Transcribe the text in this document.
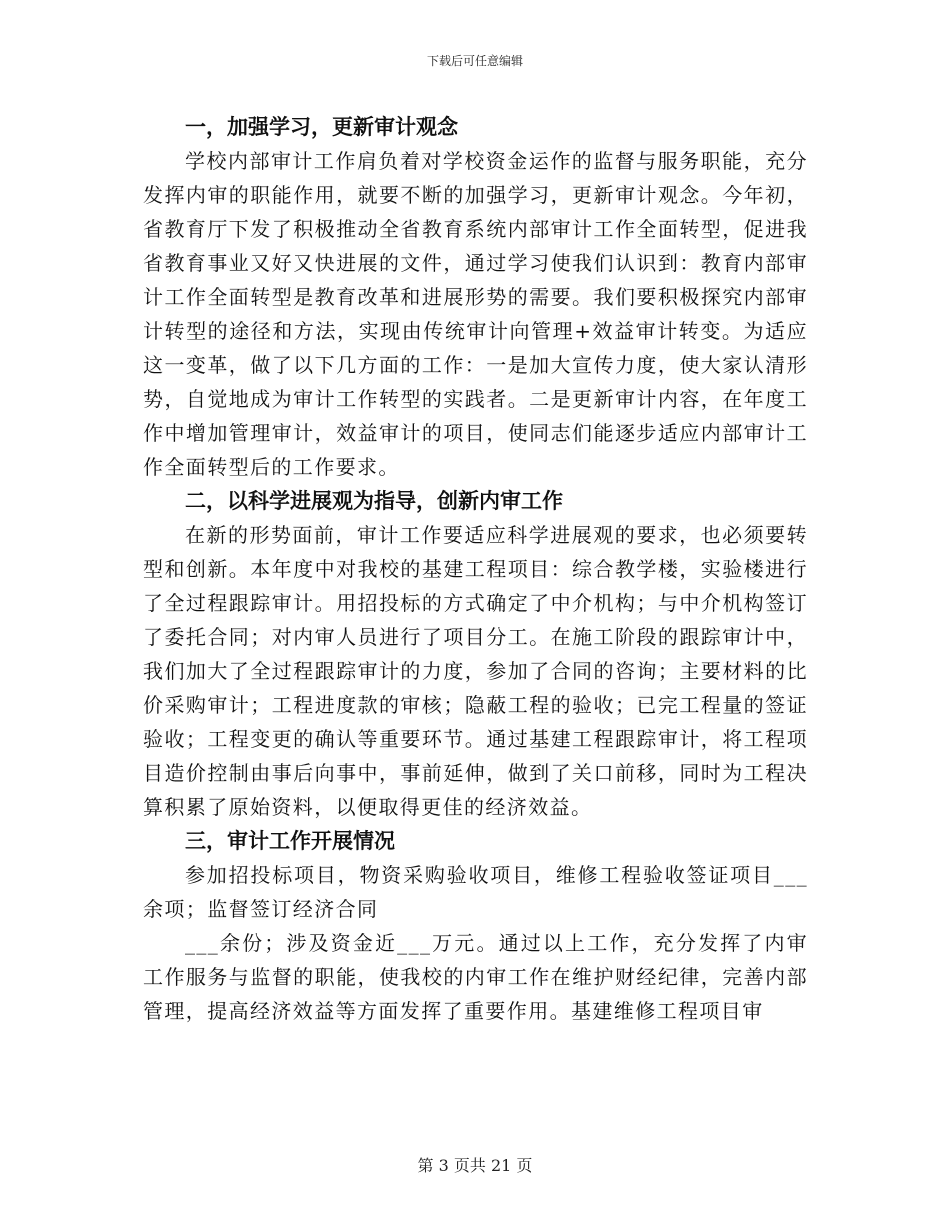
下载后可任意编辑
一，加强学习，更新审计观念

学校内部审计工作肩负着对学校资金运作的监督与服务职能，充分发挥内审的职能作用，就要不断的加强学习，更新审计观念。今年初，省教育厅下发了积极推动全省教育系统内部审计工作全面转型，促进我省教育事业又好又快进展的文件，通过学习使我们认识到：教育内部审计工作全面转型是教育改革和进展形势的需要。我们要积极探究内部审计转型的途径和方法，实现由传统审计向管理+效益审计转变。为适应这一变革，做了以下几方面的工作：一是加大宣传力度，使大家认清形势，自觉地成为审计工作转型的实践者。二是更新审计内容，在年度工作中增加管理审计，效益审计的项目，使同志们能逐步适应内部审计工作全面转型后的工作要求。

二，以科学进展观为指导，创新内审工作

在新的形势面前，审计工作要适应科学进展观的要求，也必须要转型和创新。本年度中对我校的基建工程项目：综合教学楼，实验楼进行了全过程跟踪审计。用招投标的方式确定了中介机构；与中介机构签订了委托合同；对内审人员进行了项目分工。在施工阶段的跟踪审计中，我们加大了全过程跟踪审计的力度，参加了合同的咨询；主要材料的比价采购审计；工程进度款的审核；隐蔽工程的验收；已完工程量的签证验收；工程变更的确认等重要环节。通过基建工程跟踪审计，将工程项目造价控制由事后向事中，事前延伸，做到了关口前移，同时为工程决算积累了原始资料，以便取得更佳的经济效益。

三，审计工作开展情况

参加招投标项目，物资采购验收项目，维修工程验收签证项目___余项；监督签订经济合同

___余份；涉及资金近___万元。通过以上工作，充分发挥了内审工作服务与监督的职能，使我校的内审工作在维护财经纪律，完善内部管理，提高经济效益等方面发挥了重要作用。基建维修工程项目审

第 3 页共 21 页
